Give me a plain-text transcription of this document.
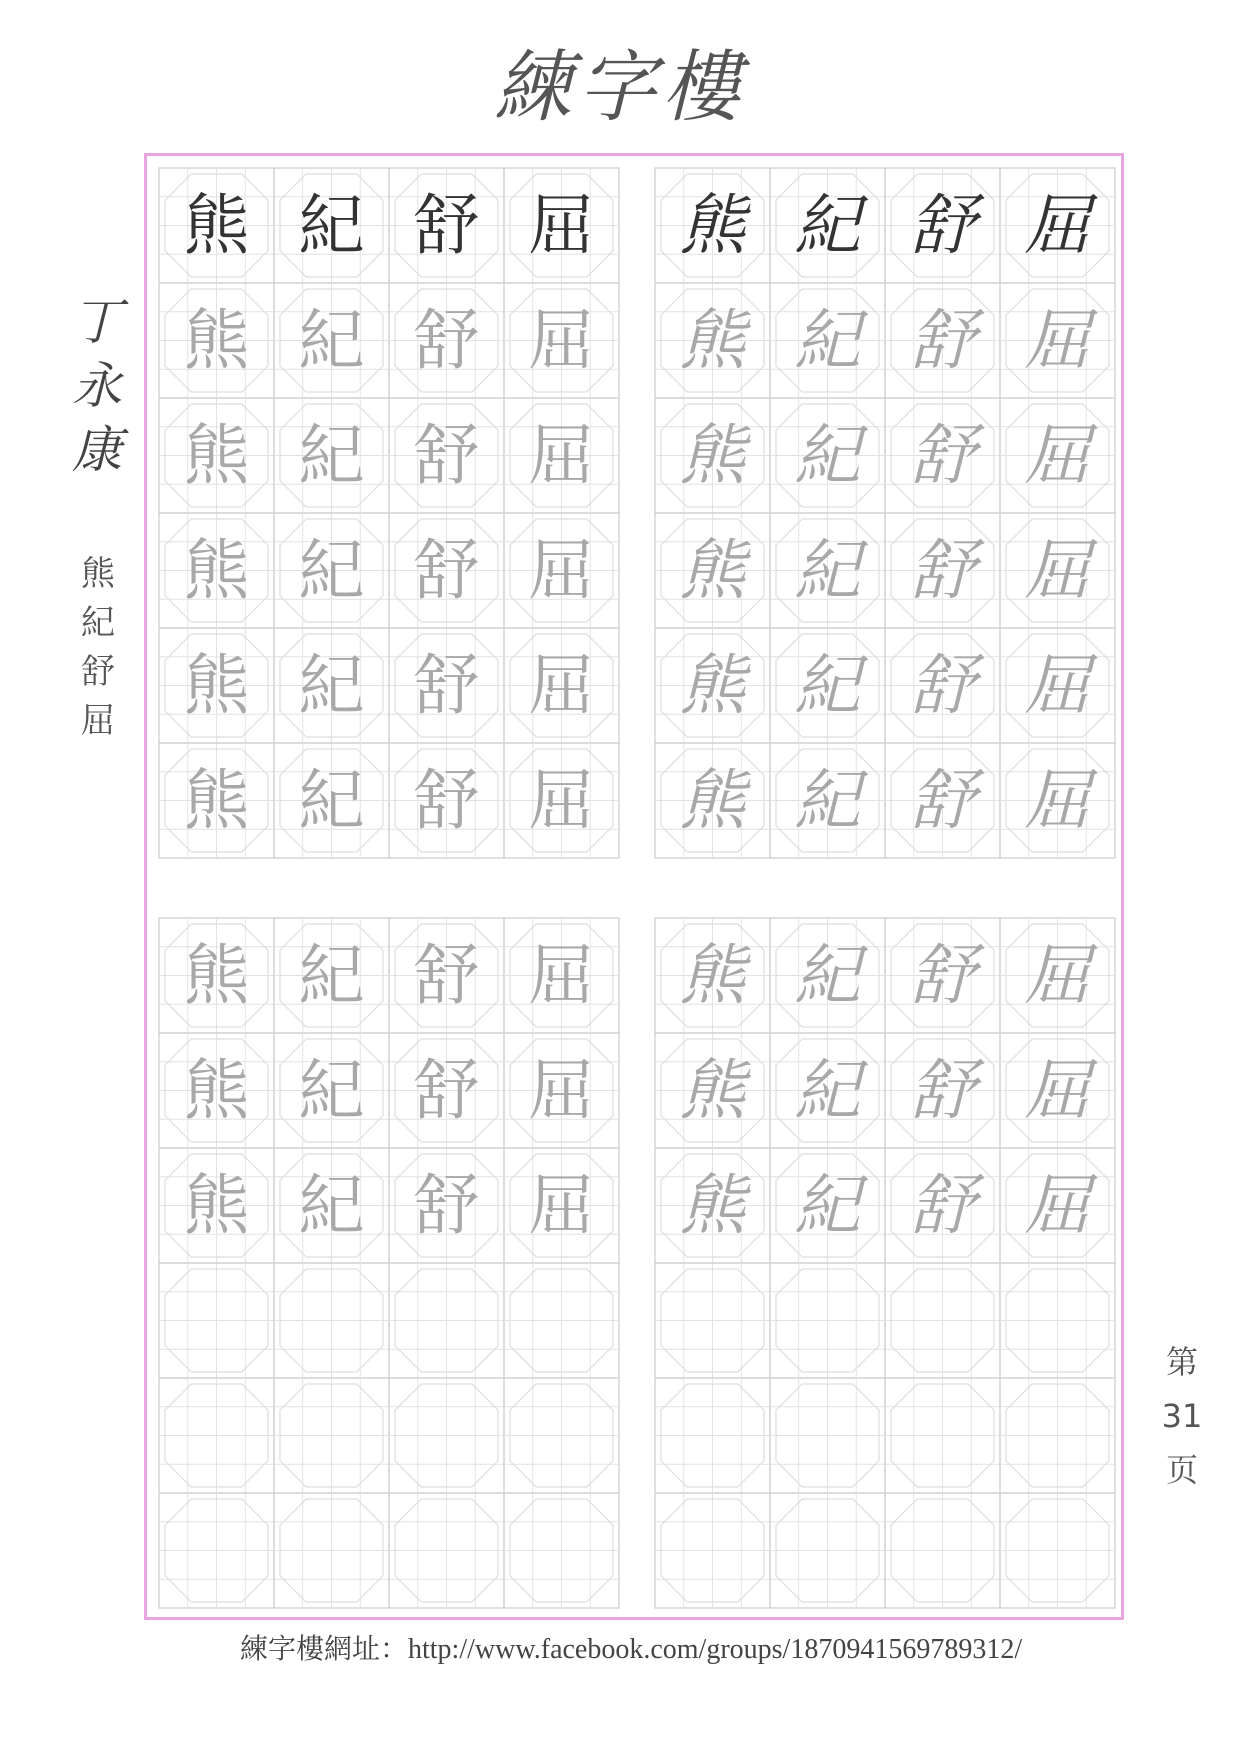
練字樓
丁
永
康
熊
紀
舒
屈
第
31
页
熊 紀 舒 屈
熊 紀 舒 屈
熊 紀 舒 屈
熊 紀 舒 屈
熊 紀 舒 屈
熊 紀 舒 屈
熊 紀 舒 屈
熊 紀 舒 屈
熊 紀 舒 屈
熊 紀 舒 屈
熊 紀 舒 屈
熊 紀 舒 屈
熊 紀 舒 屈
熊 紀 舒 屈
熊 紀 舒 屈
熊 紀 舒 屈
熊 紀 舒 屈
熊 紀 舒 屈
練字樓網址：http://www.facebook.com/groups/1870941569789312/
